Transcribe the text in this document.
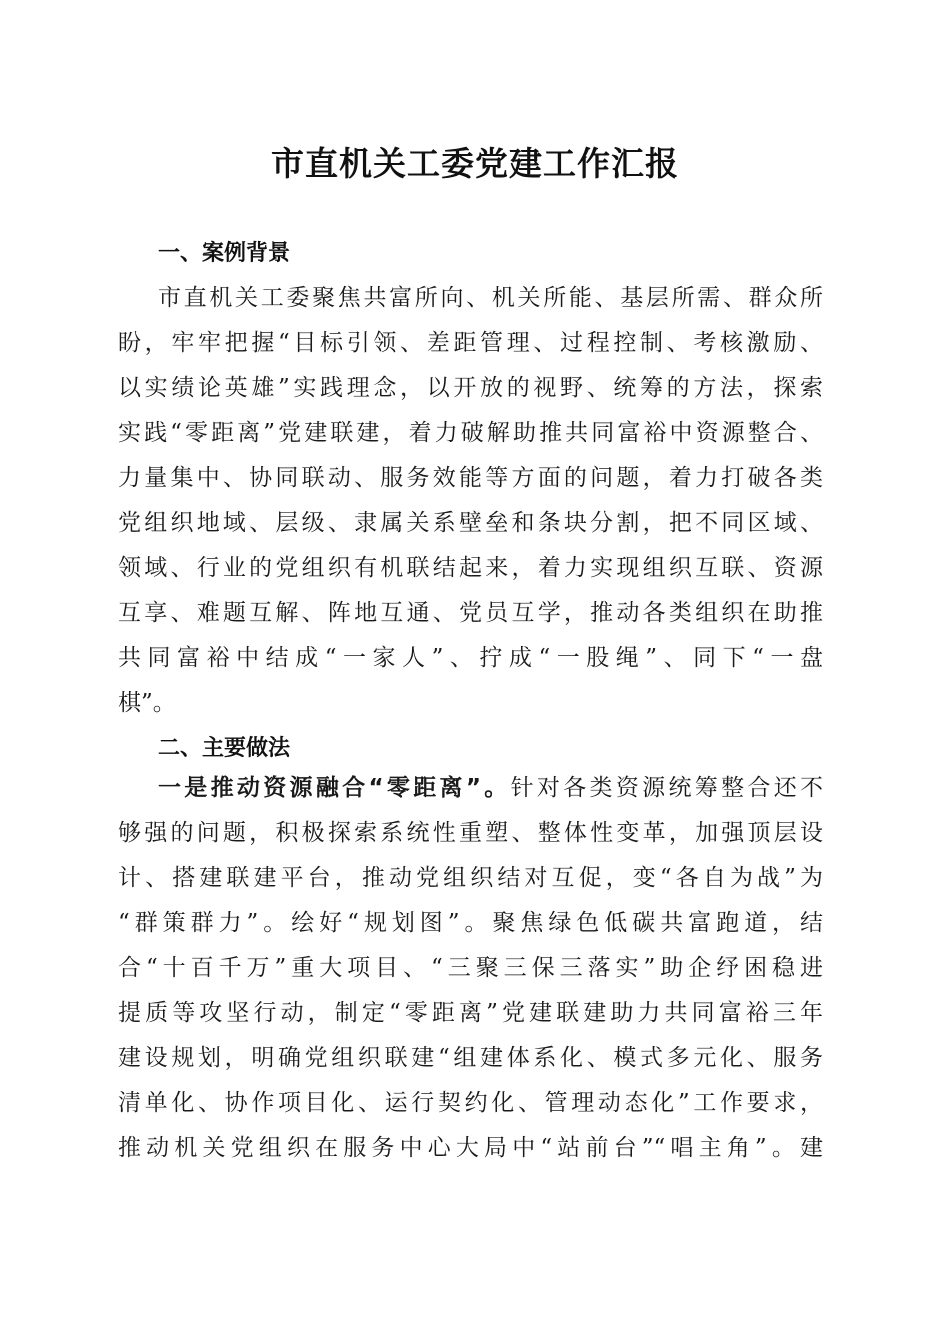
市直机关工委党建工作汇报
一、案例背景

市直机关工委聚焦共富所向、机关所能、基层所需、群众所

盼，牢牢把握“目标引领、差距管理、过程控制、考核激励、

以实绩论英雄”实践理念，以开放的视野、统筹的方法，探索

实践“零距离”党建联建，着力破解助推共同富裕中资源整合、

力量集中、协同联动、服务效能等方面的问题，着力打破各类

党组织地域、层级、隶属关系壁垒和条块分割，把不同区域、

领域、行业的党组织有机联结起来，着力实现组织互联、资源

互享、难题互解、阵地互通、党员互学，推动各类组织在助推

共同富裕中结成“一家人”、拧成“一股绳”、同下“一盘

棋”。

二、主要做法

一是推动资源融合“零距离”。针对各类资源统筹整合还不

够强的问题，积极探索系统性重塑、整体性变革，加强顶层设

计、搭建联建平台，推动党组织结对互促，变“各自为战”为

“群策群力”。绘好“规划图”。聚焦绿色低碳共富跑道，结

合“十百千万”重大项目、“三聚三保三落实”助企纾困稳进

提质等攻坚行动，制定“零距离”党建联建助力共同富裕三年

建设规划，明确党组织联建“组建体系化、模式多元化、服务

清单化、协作项目化、运行契约化、管理动态化”工作要求，

推动机关党组织在服务中心大局中“站前台”“唱主角”。建
